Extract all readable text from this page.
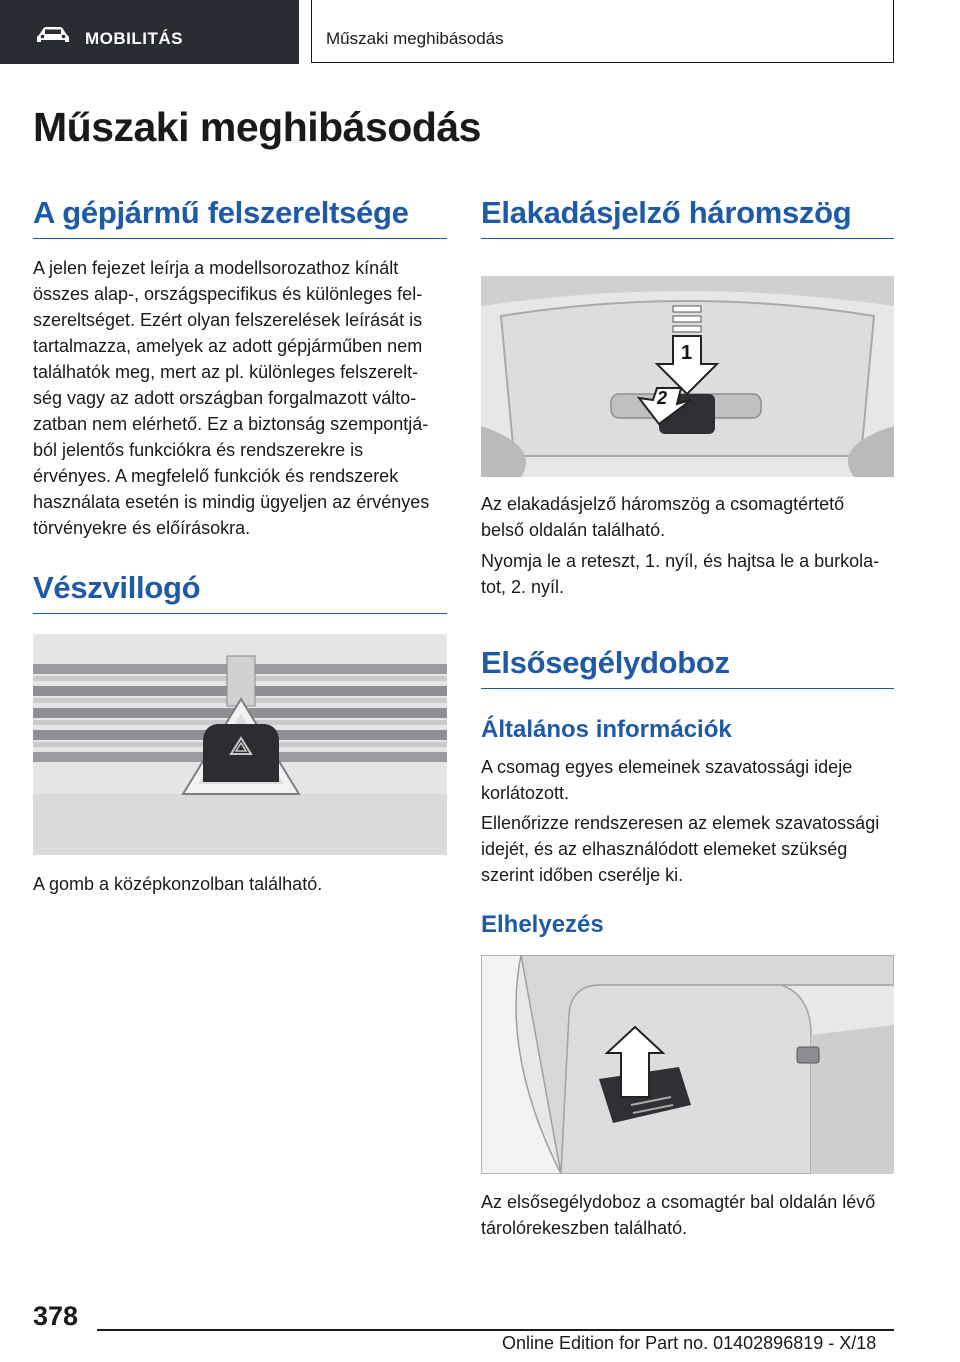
MOBILITÁS	Műszaki meghibásodás
Műszaki meghibásodás
A gépjármű felszereltsége

A jelen fejezet leírja a modellsorozathoz kínált
összes alap-, országspecifikus és különleges fel-
szereltséget. Ezért olyan felszerelések leírását is
tartalmazza, amelyek az adott gépjárműben nem
találhatók meg, mert az pl. különleges felszerelt-
ség vagy az adott országban forgalmazott válto-
zatban nem elérhető. Ez a biztonság szempontjá-
ból jelentős funkciókra és rendszerekre is
érvényes. A megfelelő funkciók és rendszerek
használata esetén is mindig ügyeljen az érvényes
törvényekre és előírásokra.

Vészvillogó

A gomb a középkonzolban található.

Elakadásjelző háromszög
1
2

Az elakadásjelző háromszög a csomagtértető
belső oldalán található.

Nyomja le a reteszt, 1. nyíl, és hajtsa le a burkola-
tot, 2. nyíl.

Elsősegélydoboz
Általános információk

A csomag egyes elemeinek szavatossági ideje
korlátozott.

Ellenőrizze rendszeresen az elemek szavatossági
idejét, és az elhasználódott elemeket szükség
szerint időben cserélje ki.

Elhelyezés

Az elsősegélydoboz a csomagtér bal oldalán lévő
tárolórekeszben található.

378
Online Edition for Part no. 01402896819 - X/18
